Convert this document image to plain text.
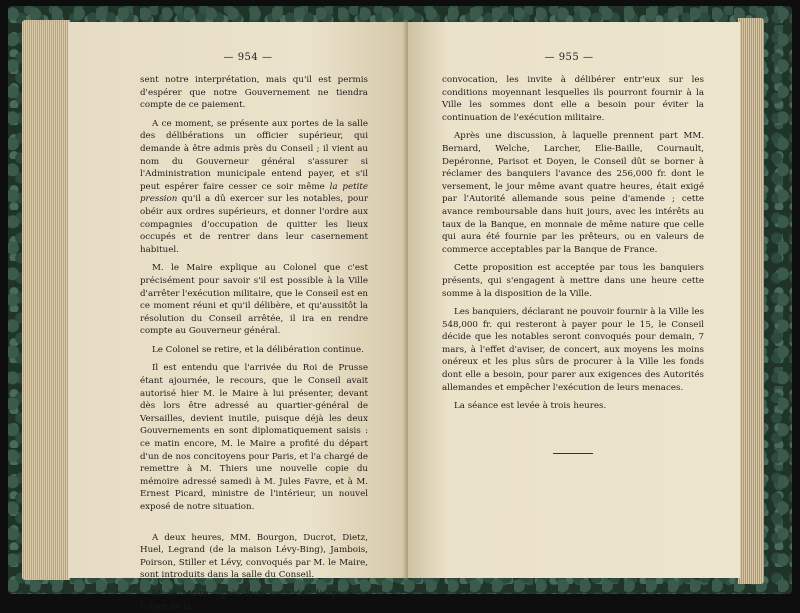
— 954 —

sent notre interprétation, mais qu'il est permis d'espérer que notre Gouvernement ne tiendra compte de ce paiement.

A ce moment, se présente aux portes de la salle des délibérations un officier supérieur, qui demande à être admis près du Conseil ; il vient au nom du Gouverneur général s'assurer si l'Administration municipale entend payer, et s'il peut espérer faire cesser ce soir même la petite pression qu'il a dû exercer sur les notables, pour obéir aux ordres supérieurs, et donner l'ordre aux compagnies d'occupation de quitter les lieux occupés et de rentrer dans leur casernement habituel.

M. le Maire explique au Colonel que c'est précisément pour savoir s'il est possible à la Ville d'arrêter l'exécution militaire, que le Conseil est en ce moment réuni et qu'il délibère, et qu'aussitôt la résolution du Conseil arrêtée, il ira en rendre compte au Gouverneur général.

Le Colonel se retire, et la délibération continue.

Il est entendu que l'arrivée du Roi de Prusse étant ajournée, le recours, que le Conseil avait autorisé hier M. le Maire à lui présenter, devant dès lors être adressé au quartier-général de Versailles, devient inutile, puisque déjà les deux Gouvernements en sont diplomatiquement saisis : ce matin encore, M. le Maire a profité du départ d'un de nos concitoyens pour Paris, et l'a chargé de remettre à M. Thiers une nouvelle copie du mémoire adressé samedi à M. Jules Favre, et à M. Ernest Picard, ministre de l'intérieur, un nouvel exposé de notre situation.

A deux heures, MM. Bourgon, Ducrot, Dietz, Huel, Legrand (de la maison Lévy-Bing), Jambois, Poirson, Stiller et Lévy, convoqués par M. le Maire, sont introduits dans la salle du Conseil.

M. le Maire, après leur avoir fait l'exposé de l'objet de la

— 955 —

convocation, les invite à délibérer entr'eux sur les conditions moyennant lesquelles ils pourront fournir à la Ville les sommes dont elle a besoin pour éviter la continuation de l'exécution militaire.

Après une discussion, à laquelle prennent part MM. Bernard, Welche, Larcher, Elie-Baille, Cournault, Depéronne, Parisot et Doyen, le Conseil dût se borner à réclamer des banquiers l'avance des 256,000 fr. dont le versement, le jour même avant quatre heures, était exigé par l'Autorité allemande sous peine d'amende ; cette avance remboursable dans huit jours, avec les intérêts au taux de la Banque, en monnaie de même nature que celle qui aura été fournie par les prêteurs, ou en valeurs de commerce acceptables par la Banque de France.

Cette proposition est acceptée par tous les banquiers présents, qui s'engagent à mettre dans une heure cette somme à la disposition de la Ville.

Les banquiers, déclarant ne pouvoir fournir à la Ville les 548,000 fr. qui resteront à payer pour le 15, le Conseil décide que les notables seront convoqués pour demain, 7 mars, à l'effet d'aviser, de concert, aux moyens les moins onéreux et les plus sûrs de procurer à la Ville les fonds dont elle a besoin, pour parer aux exigences des Autorités allemandes et empêcher l'exécution de leurs menaces.

La séance est levée à trois heures.
